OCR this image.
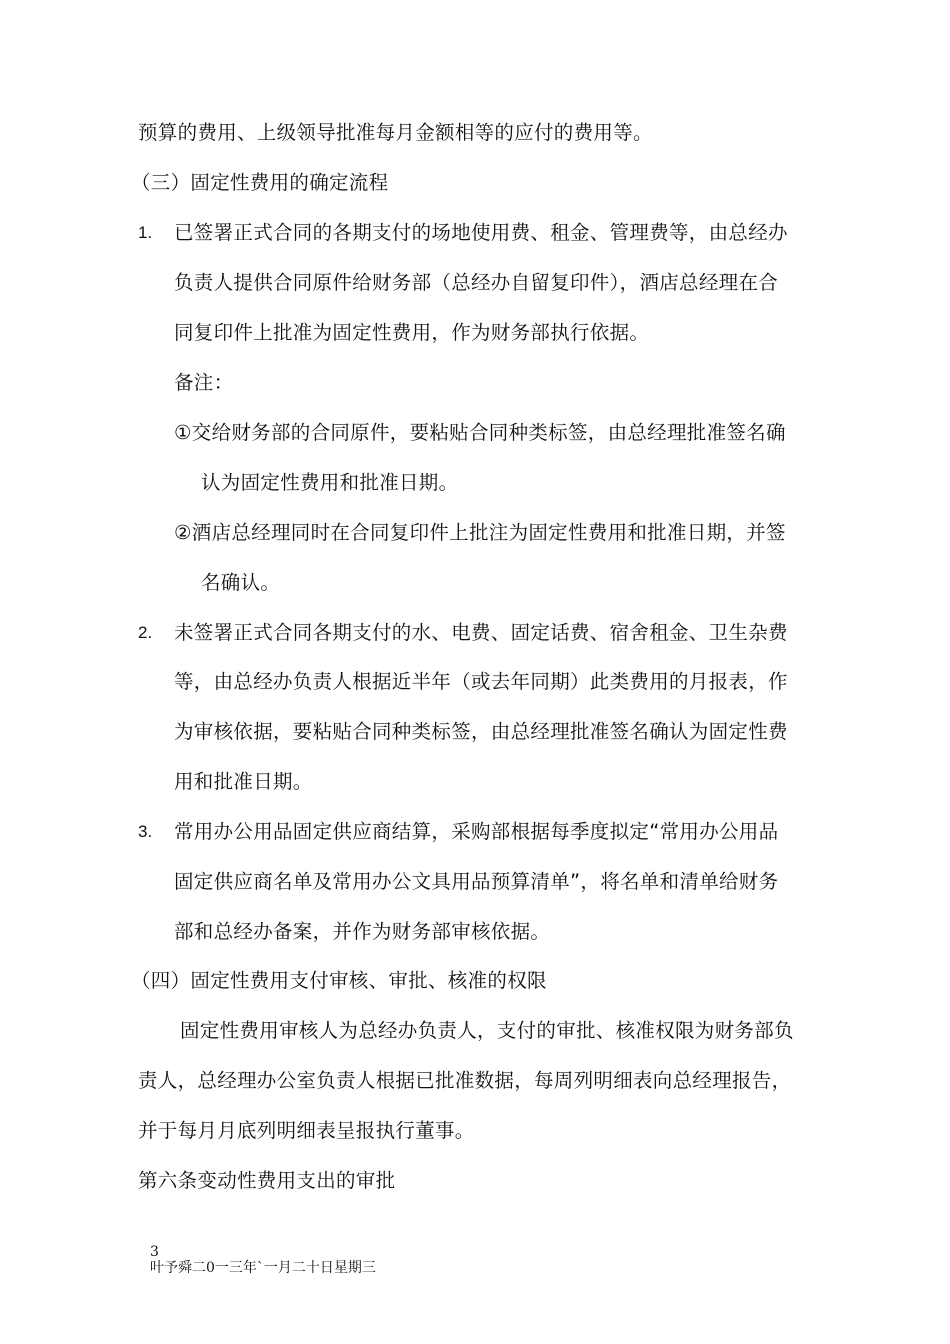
预算的费用、上级领导批准每月金额相等的应付的费用等。
（三）固定性费用的确定流程
1. 已签署正式合同的各期支付的场地使用费、租金、管理费等，由总经办
负责人提供合同原件给财务部（总经办自留复印件），酒店总经理在合
同复印件上批准为固定性费用，作为财务部执行依据。
备注：
①交给财务部的合同原件，要粘贴合同种类标签，由总经理批准签名确
认为固定性费用和批准日期。
②酒店总经理同时在合同复印件上批注为固定性费用和批准日期，并签
名确认。
2. 未签署正式合同各期支付的水、电费、固定话费、宿舍租金、卫生杂费
等，由总经办负责人根据近半年（或去年同期）此类费用的月报表，作
为审核依据，要粘贴合同种类标签，由总经理批准签名确认为固定性费
用和批准日期。
3. 常用办公用品固定供应商结算，采购部根据每季度拟定“常用办公用品
固定供应商名单及常用办公文具用品预算清单”，将名单和清单给财务
部和总经办备案，并作为财务部审核依据。
（四）固定性费用支付审核、审批、核准的权限
固定性费用审核人为总经办负责人，支付的审批、核准权限为财务部负
责人，总经理办公室负责人根据已批准数据，每周列明细表向总经理报告，
并于每月月底列明细表呈报执行董事。
第六条变动性费用支出的审批
3
叶予舜二0一三年`一月二十日星期三
